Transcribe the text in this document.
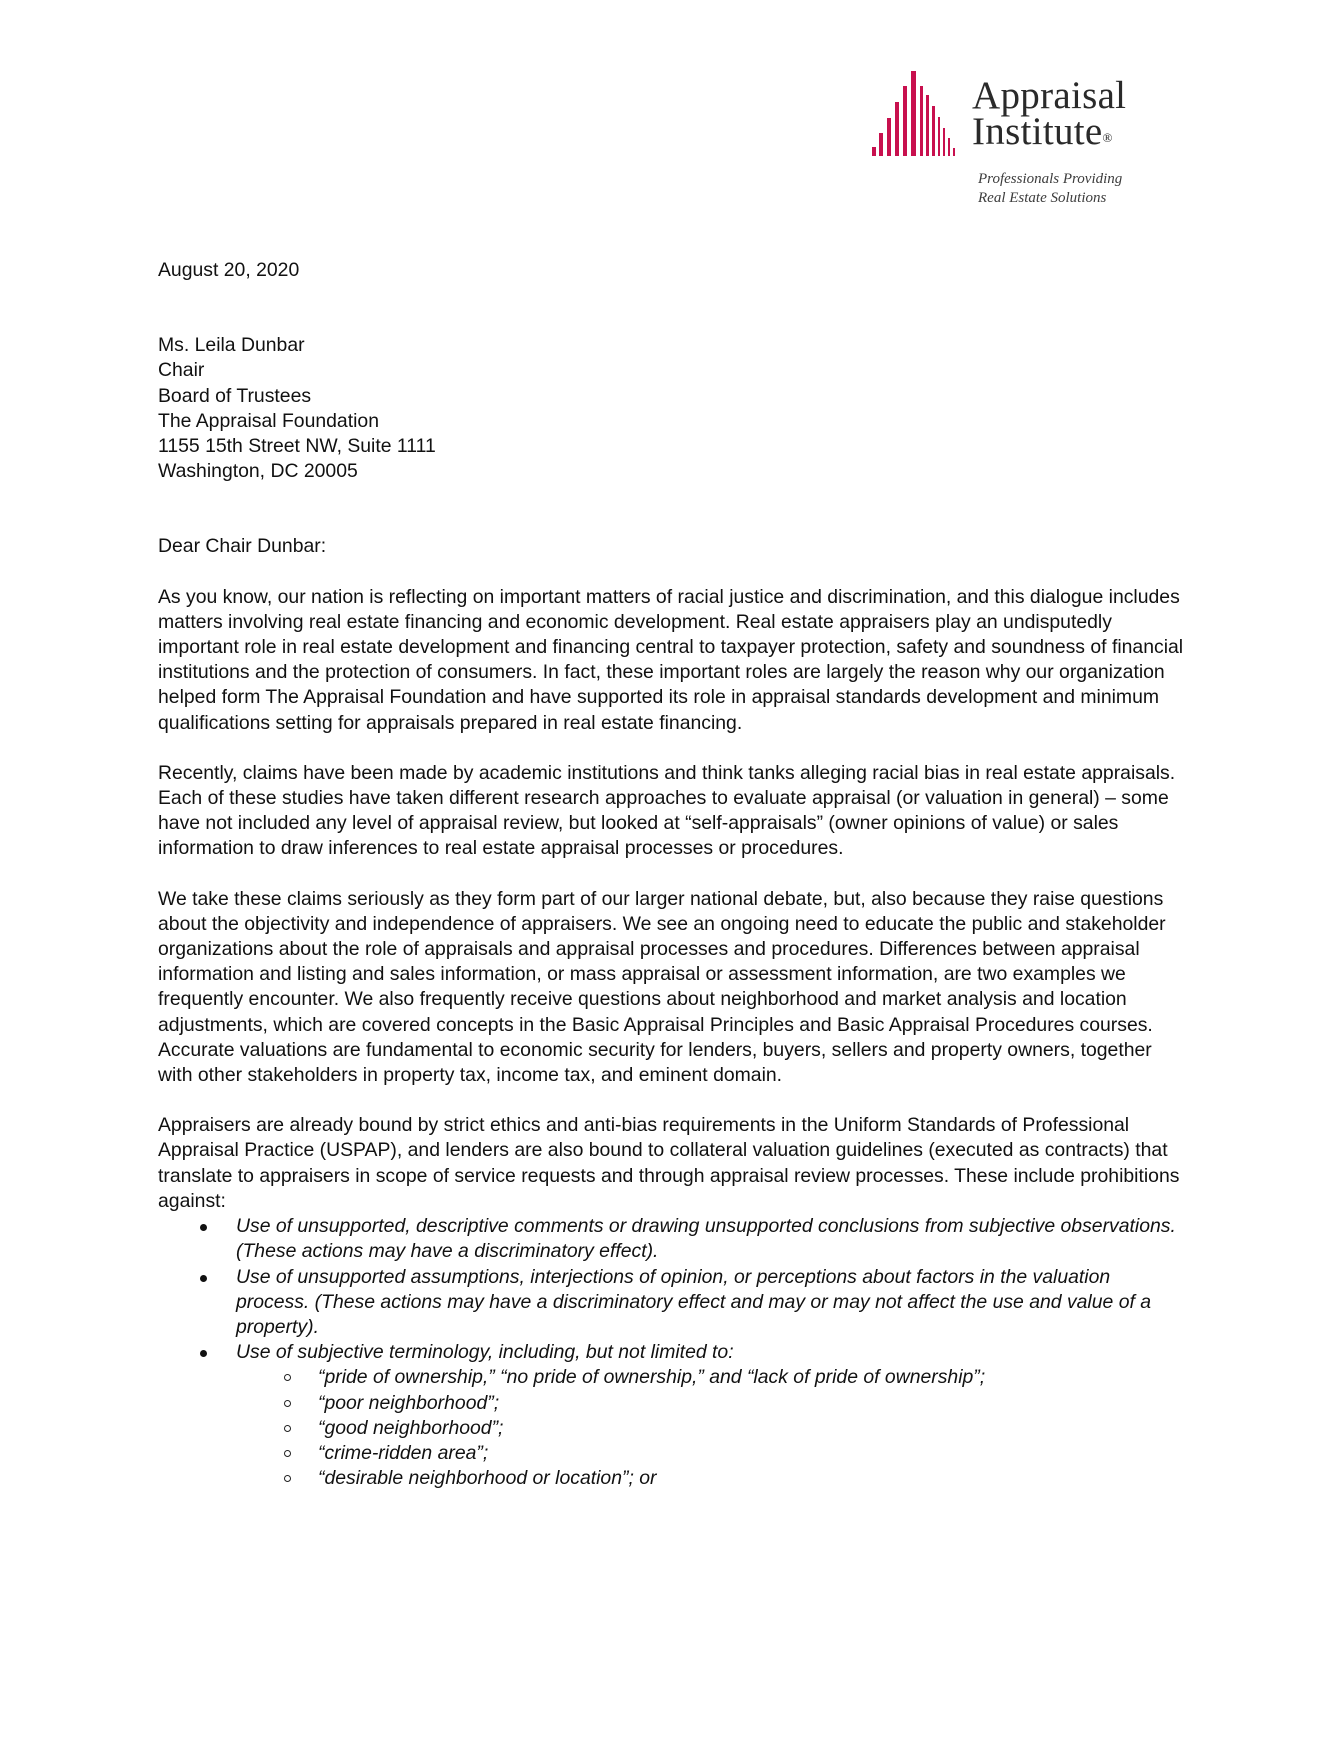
Appraisal
Institute®
Professionals Providing
Real Estate Solutions

August 20, 2020

Ms. Leila Dunbar

Chair

Board of Trustees

The Appraisal Foundation

1155 15th Street NW, Suite 1111

Washington, DC 20005

Dear Chair Dunbar:

As you know, our nation is reflecting on important matters of racial justice and discrimination, and this dialogue includes matters involving real estate financing and economic development. Real estate appraisers play an undisputedly important role in real estate development and financing central to taxpayer protection, safety and soundness of financial institutions and the protection of consumers. In fact, these important roles are largely the reason why our organization helped form The Appraisal Foundation and have supported its role in appraisal standards development and minimum qualifications setting for appraisals prepared in real estate financing.

Recently, claims have been made by academic institutions and think tanks alleging racial bias in real estate appraisals. Each of these studies have taken different research approaches to evaluate appraisal (or valuation in general) – some have not included any level of appraisal review, but looked at “self-appraisals” (owner opinions of value) or sales information to draw inferences to real estate appraisal processes or procedures.

We take these claims seriously as they form part of our larger national debate, but, also because they raise questions about the objectivity and independence of appraisers. We see an ongoing need to educate the public and stakeholder organizations about the role of appraisals and appraisal processes and procedures. Differences between appraisal information and listing and sales information, or mass appraisal or assessment information, are two examples we frequently encounter. We also frequently receive questions about neighborhood and market analysis and location adjustments, which are covered concepts in the Basic Appraisal Principles and Basic Appraisal Procedures courses. Accurate valuations are fundamental to economic security for lenders, buyers, sellers and property owners, together with other stakeholders in property tax, income tax, and eminent domain.

Appraisers are already bound by strict ethics and anti-bias requirements in the Uniform Standards of Professional Appraisal Practice (USPAP), and lenders are also bound to collateral valuation guidelines (executed as contracts) that translate to appraisers in scope of service requests and through appraisal review processes. These include prohibitions against:

Use of unsupported, descriptive comments or drawing unsupported conclusions from subjective observations. (These actions may have a discriminatory effect).
Use of unsupported assumptions, interjections of opinion, or perceptions about factors in the valuation process. (These actions may have a discriminatory effect and may or may not affect the use and value of a property).
Use of subjective terminology, including, but not limited to:
“pride of ownership,” “no pride of ownership,” and “lack of pride of ownership”;
“poor neighborhood”;
“good neighborhood”;
“crime-ridden area”;
“desirable neighborhood or location”; or
